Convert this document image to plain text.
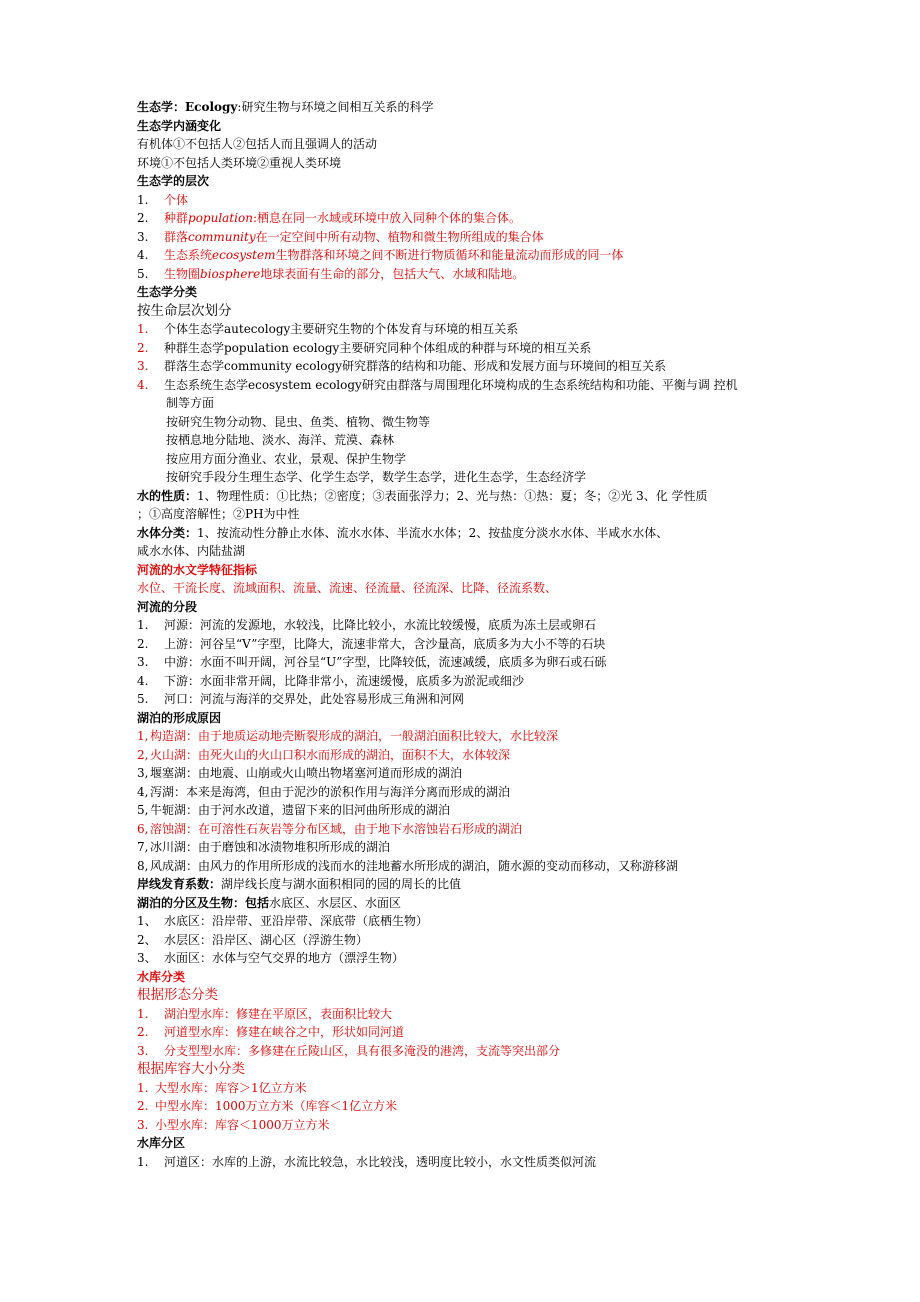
生态学：Ecology:研究生物与环境之间相互关系的科学
生态学内涵变化
有机体①不包括人②包括人而且强调人的活动
环境①不包括人类环境②重视人类环境
生态学的层次
1. 个体
2. 种群population:栖息在同一水域或环境中放入同种个体的集合体。
3. 群落community在一定空间中所有动物、植物和微生物所组成的集合体
4. 生态系统ecosystem生物群落和环境之间不断进行物质循环和能量流动而形成的同一体
5. 生物圈biosphere地球表面有生命的部分，包括大气、水域和陆地。
生态学分类
按生命层次划分
1. 个体生态学autecology主要研究生物的个体发育与环境的相互关系
2. 种群生态学population ecology主要研究同种个体组成的种群与环境的相互关系
3. 群落生态学community ecology研究群落的结构和功能、形成和发展方面与环境间的相互关系
4. 生态系统生态学ecosystem ecology研究由群落与周围理化环境构成的生态系统结构和功能、平衡与调 控机
制等方面
按研究生物分动物、昆虫、鱼类、植物、微生物等
按栖息地分陆地、淡水、海洋、荒漠、森林
按应用方面分渔业、农业，景观、保护生物学
按研究手段分生理生态学、化学生态学，数学生态学，进化生态学，生态经济学
水的性质：1、物理性质：①比热；②密度；③表面张浮力；2、光与热：①热：夏；冬；②光 3、化 学性质
；①高度溶解性；②PH为中性
水体分类：1、按流动性分静止水体、流水水体、半流水水体；2、按盐度分淡水水体、半咸水水体、
咸水水体、内陆盐湖
河流的水文学特征指标
水位、干流长度、流域面积、流量、流速、径流量、径流深、比降、径流系数、
河流的分段
1. 河源：河流的发源地，水较浅，比降比较小，水流比较缓慢，底质为冻土层或卵石
2. 上游：河谷呈“V”字型，比降大，流速非常大，含沙量高，底质多为大小不等的石块
3. 中游：水面不叫开阔，河谷呈“U”字型，比降较低，流速减缓，底质多为卵石或石砾
4. 下游：水面非常开阔，比降非常小，流速缓慢，底质多为淤泥或细沙
5. 河口：河流与海洋的交界处，此处容易形成三角洲和河网
湖泊的形成原因
1, 构造湖：由于地质运动地壳断裂形成的湖泊，一般湖泊面积比较大，水比较深
2, 火山湖：由死火山的火山口积水而形成的湖泊，面积不大，水体较深
3, 堰塞湖：由地震、山崩或火山喷出物堵塞河道而形成的湖泊
4, 泻湖：本来是海湾，但由于泥沙的淤积作用与海洋分离而形成的湖泊
5, 牛轭湖：由于河水改道，遗留下来的旧河曲所形成的湖泊
6, 溶蚀湖：在可溶性石灰岩等分布区域，由于地下水溶蚀岩石形成的湖泊
7, 冰川湖：由于磨蚀和冰渍物堆积所形成的湖泊
8, 风成湖：由风力的作用所形成的浅而水的洼地蓄水所形成的湖泊，随水源的变动而移动，又称游移湖
岸线发育系数：湖岸线长度与湖水面积相同的园的周长的比值
湖泊的分区及生物：包括水底区、水层区、水面区
1、 水底区：沿岸带、亚沿岸带、深底带（底栖生物）
2、 水层区：沿岸区、湖心区（浮游生物）
3、 水面区：水体与空气交界的地方（漂浮生物）
水库分类
根据形态分类
1. 湖泊型水库：修建在平原区，表面积比较大
2. 河道型水库：修建在峡谷之中，形状如同河道
3. 分支型型水库：多修建在丘陵山区，具有很多淹没的港湾，支流等突出部分
根据库容大小分类
1. 大型水库：库容＞1亿立方米
2. 中型水库：1000万立方米（库容＜1亿立方米
3. 小型水库：库容＜1000万立方米
水库分区
1. 河道区：水库的上游，水流比较急，水比较浅，透明度比较小，水文性质类似河流
